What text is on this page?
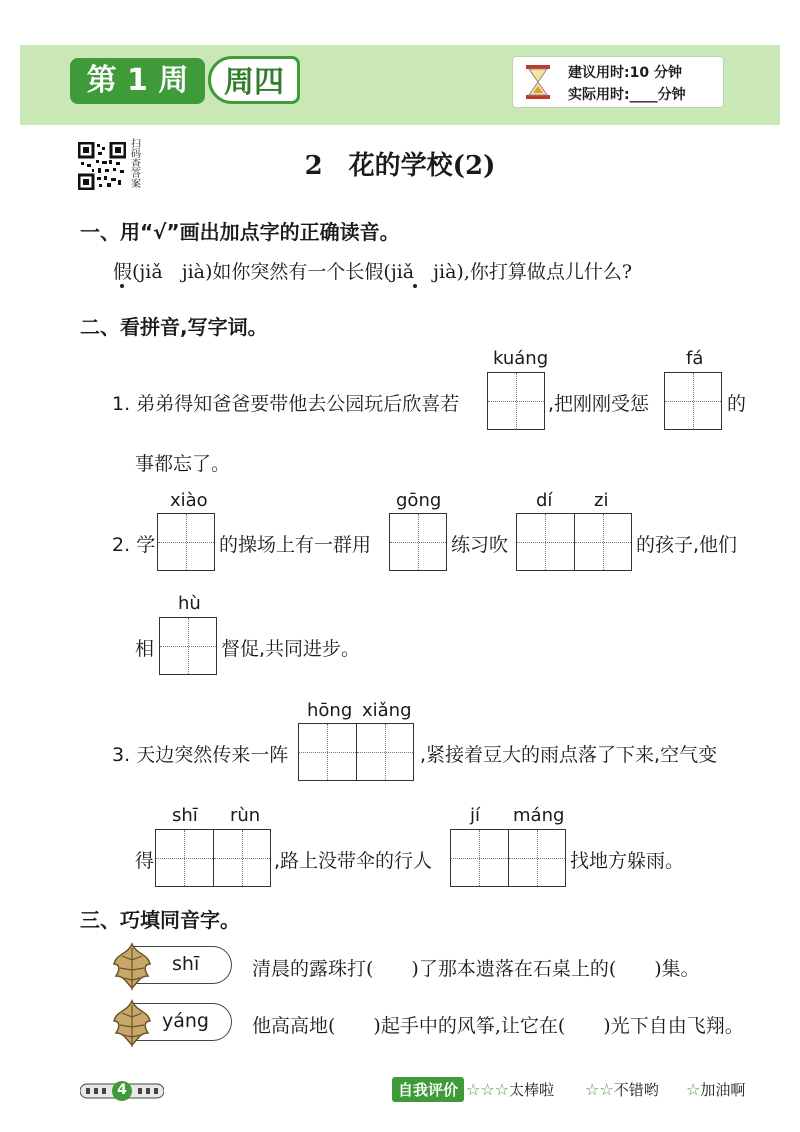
第 1 周	周四	建议用时:10 分钟
实际用时:____分钟
扫码查答案
2　花的学校(2)
一、用“√”画出加点字的正确读音。
假(jiǎ　jià)如你突然有一个长假(jiǎ　jià),你打算做点儿什么?
二、看拼音,写字词。
1. 弟弟得知爸爸要带他去公园玩后欣喜若
kuáng
,把刚刚受惩
fá
的
事都忘了。
2. 学
xiào
的操场上有一群用
gōng
练习吹
dí zi
的孩子,他们
相
hù
督促,共同进步。
3. 天边突然传来一阵
hōng xiǎng
,紧接着豆大的雨点落了下来,空气变
得
shī rùn
,路上没带伞的行人
jí máng
找地方躲雨。
三、巧填同音字。
shī	清晨的露珠打(　　)了那本遗落在石桌上的(　　)集。
yáng 他高高地(　　)起手中的风筝,让它在(　　)光下自由飞翔。
4	自我评价 ☆☆☆太棒啦 ☆☆不错哟 ☆加油啊
